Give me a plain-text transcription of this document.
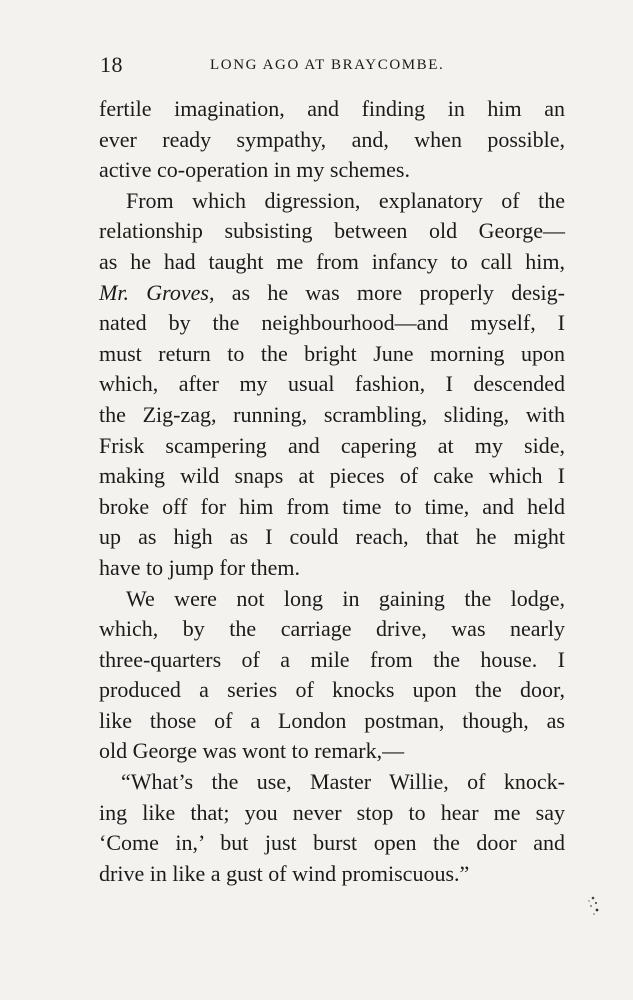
18	LONG AGO AT BRAYCOMBE.
fertile imagination, and finding in him an
ever ready sympathy, and, when possible,
active co-operation in my schemes.
From which digression, explanatory of the
relationship subsisting between old George—
as he had taught me from infancy to call him,
Mr. Groves, as he was more properly desig-
nated by the neighbourhood—and myself, I
must return to the bright June morning upon
which, after my usual fashion, I descended
the Zig-zag, running, scrambling, sliding, with
Frisk scampering and capering at my side,
making wild snaps at pieces of cake which I
broke off for him from time to time, and held
up as high as I could reach, that he might
have to jump for them.
We were not long in gaining the lodge,
which, by the carriage drive, was nearly
three-quarters of a mile from the house. I
produced a series of knocks upon the door,
like those of a London postman, though, as
old George was wont to remark,—
“What’s the use, Master Willie, of knock-
ing like that; you never stop to hear me say
‘Come in,’ but just burst open the door and
drive in like a gust of wind promiscuous.”
